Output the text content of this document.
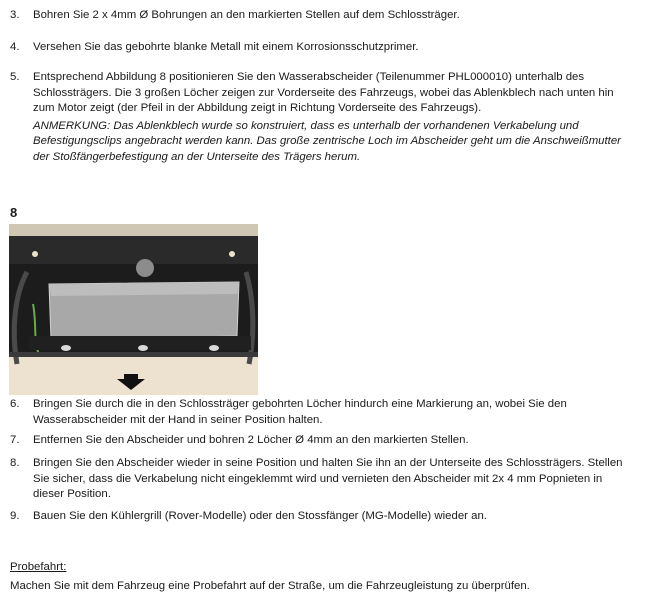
3.	Bohren Sie 2 x 4mm Ø Bohrungen an den markierten Stellen auf dem Schlossträger.
4.	Versehen Sie das gebohrte blanke Metall mit einem Korrosionsschutzprimer.
5.	Entsprechend Abbildung 8 positionieren Sie den Wasserabscheider (Teilenummer PHL000010) unterhalb des Schlossträgers. Die 3 großen Löcher zeigen zur Vorderseite des Fahrzeugs, wobei das Ablenkblech nach unten hin zum Motor zeigt (der Pfeil in der Abbildung zeigt in Richtung Vorderseite des Fahrzeugs).
ANMERKUNG: Das Ablenkblech wurde so konstruiert, dass es unterhalb der vorhandenen Verkabelung und Befestigungsclips angebracht werden kann. Das große zentrische Loch im Abscheider geht um die Anschweißmutter der Stoßfängerbefestigung an der Unterseite des Trägers herum.
8
6.	Bringen Sie durch die in den Schlossträger gebohrten Löcher hindurch eine Markierung an, wobei Sie den Wasserabscheider mit der Hand in seiner Position halten.
7.	Entfernen Sie den Abscheider und bohren 2 Löcher Ø 4mm an den markierten Stellen.
8.	Bringen Sie den Abscheider wieder in seine Position und halten Sie ihn an der Unterseite des Schlossträgers. Stellen Sie sicher, dass die Verkabelung nicht eingeklemmt wird und vernieten den Abscheider mit 2x 4 mm Popnieten in dieser Position.
9.	Bauen Sie den Kühlergrill (Rover-Modelle) oder den Stossfänger (MG-Modelle) wieder an.
Probefahrt:
Machen Sie mit dem Fahrzeug eine Probefahrt auf der Straße, um die Fahrzeugleistung zu überprüfen.
